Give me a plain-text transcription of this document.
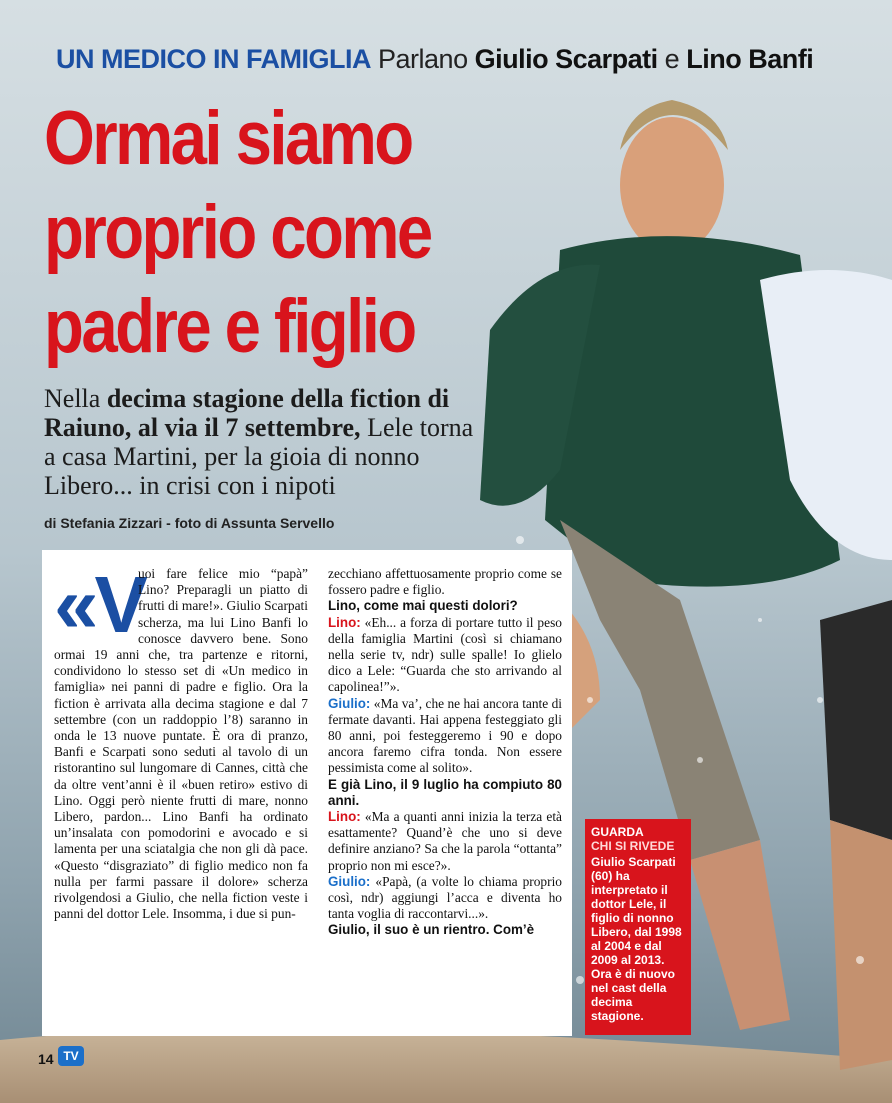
UN MEDICO IN FAMIGLIA Parlano Giulio Scarpati e Lino Banfi
Ormai siamo
proprio come
padre e figlio
Nella decima stagione della fiction di Raiuno, al via il 7 settembre, Lele torna a casa Martini, per la gioia di nonno Libero... in crisi con i nipoti
di Stefania Zizzari - foto di Assunta Servello
«V

uoi fare felice mio “papà” Lino? Preparagli un piatto di frutti di mare!». Giulio Scarpati scherza, ma lui Lino Banfi lo conosce davvero bene. Sono ormai 19 anni che, tra partenze e ritorni, condividono lo stesso set di «Un medico in famiglia» nei panni di padre e figlio. Ora la fiction è arrivata alla decima stagione e dal 7 settembre (con un raddoppio l’8) saranno in onda le 13 nuove puntate. È ora di pranzo, Banfi e Scarpati sono seduti al tavolo di un ristorantino sul lungomare di Cannes, città che da oltre vent’anni è il «buen retiro» estivo di Lino. Oggi però niente frutti di mare, nonno Libero, pardon... Lino Banfi ha ordinato un’insalata con pomodorini e avocado e si lamenta per una sciatalgia che non gli dà pace. «Questo “disgraziato” di figlio medico non fa nulla per farmi passare il dolore» scherza rivolgendosi a Giulio, che nella fiction veste i panni del dottor Lele. Insomma, i due si pun-

zecchiano affettuosamente proprio come se fossero padre e figlio.

Lino, come mai questi dolori?

Lino: «Eh... a forza di portare tutto il peso della famiglia Martini (così si chiamano nella serie tv, ndr) sulle spalle! Io glielo dico a Lele: “Guarda che sto arrivando al capolinea!”».

Giulio: «Ma va’, che ne hai ancora tante di fermate davanti. Hai appena festeggiato gli 80 anni, poi festeggeremo i 90 e dopo ancora faremo cifra tonda. Non essere pessimista come al solito».

E già Lino, il 9 luglio ha compiuto 80 anni.

Lino: «Ma a quanti anni inizia la terza età esattamente? Quand’è che uno si deve definire anziano? Sa che la parola “ottanta” proprio non mi esce?».

Giulio: «Papà, (a volte lo chiama proprio così, ndr) aggiungi l’acca e diventa ho tanta voglia di raccontarvi...».

Giulio, il suo è un rientro. Com’è

GUARDA

CHI SI RIVEDE
Giulio Scarpati (60) ha interpretato il dottor Lele, il figlio di nonno Libero, dal 1998 al 2004 e dal 2009 al 2013. Ora è di nuovo nel cast della decima stagione.
14 TV
